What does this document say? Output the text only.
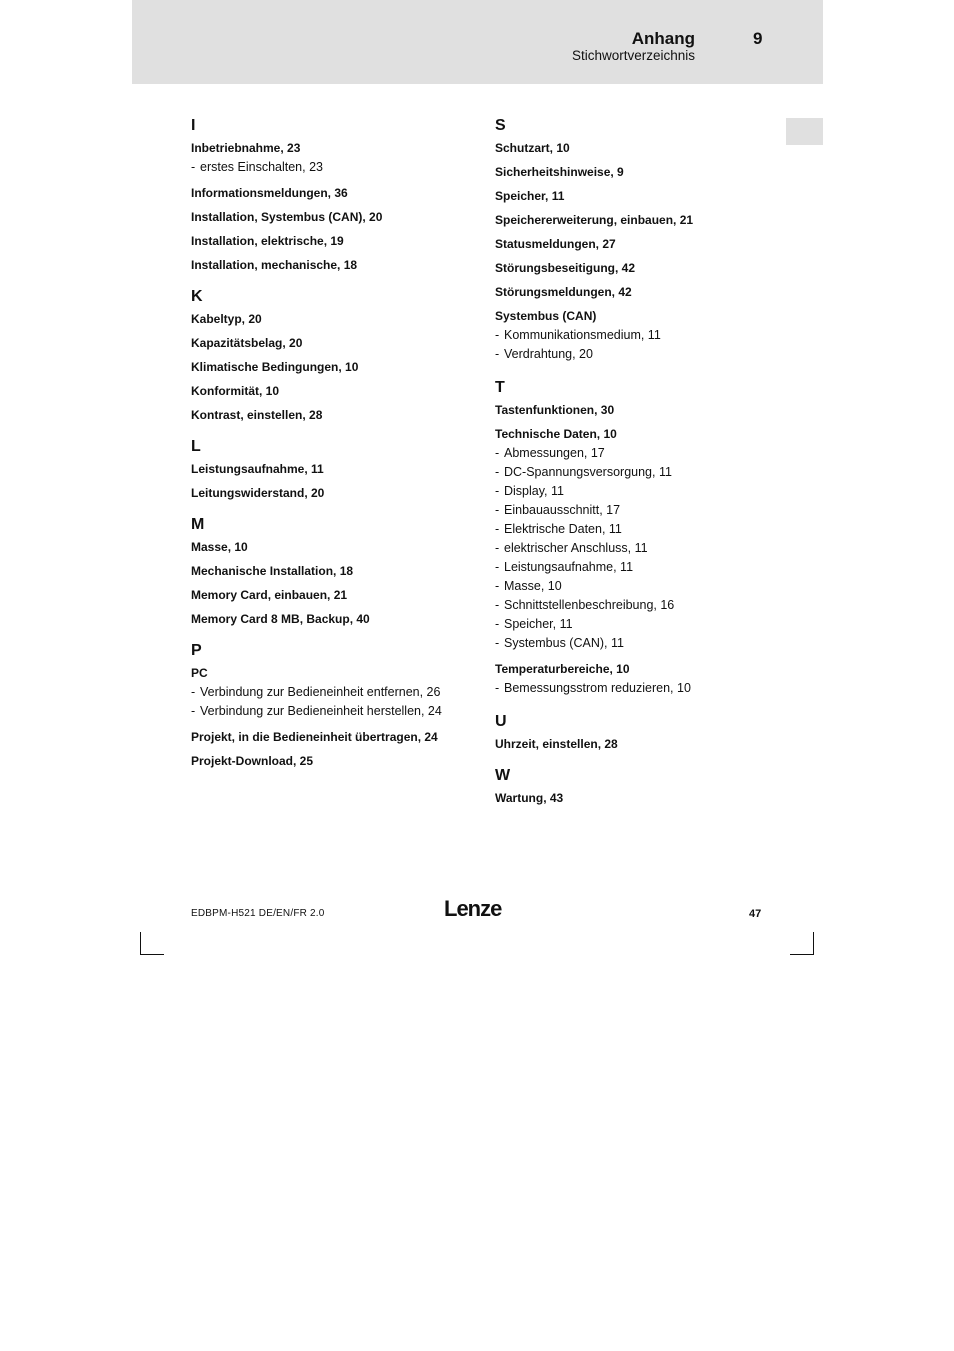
Anhang	9
Stichwortverzeichnis
I
Inbetriebnahme, 23
- erstes Einschalten, 23
Informationsmeldungen, 36
Installation, Systembus (CAN), 20
Installation, elektrische, 19
Installation, mechanische, 18
K
Kabeltyp, 20
Kapazitätsbelag, 20
Klimatische Bedingungen, 10
Konformität, 10
Kontrast, einstellen, 28
L
Leistungsaufnahme, 11
Leitungswiderstand, 20
M
Masse, 10
Mechanische Installation, 18
Memory Card, einbauen, 21
Memory Card 8 MB, Backup, 40
P
PC
- Verbindung zur Bedieneinheit entfernen, 26
- Verbindung zur Bedieneinheit herstellen, 24
Projekt, in die Bedieneinheit übertragen, 24
Projekt-Download, 25
S
Schutzart, 10
Sicherheitshinweise, 9
Speicher, 11
Speichererweiterung, einbauen, 21
Statusmeldungen, 27
Störungsbeseitigung, 42
Störungsmeldungen, 42
Systembus (CAN)
- Kommunikationsmedium, 11
- Verdrahtung, 20
T
Tastenfunktionen, 30
Technische Daten, 10
- Abmessungen, 17
- DC-Spannungsversorgung, 11
- Display, 11
- Einbauausschnitt, 17
- Elektrische Daten, 11
- elektrischer Anschluss, 11
- Leistungsaufnahme, 11
- Masse, 10
- Schnittstellenbeschreibung, 16
- Speicher, 11
- Systembus (CAN), 11
Temperaturbereiche, 10
- Bemessungsstrom reduzieren, 10
U
Uhrzeit, einstellen, 28
W
Wartung, 43
EDBPM-H521 DE/EN/FR 2.0	Lenze	47
